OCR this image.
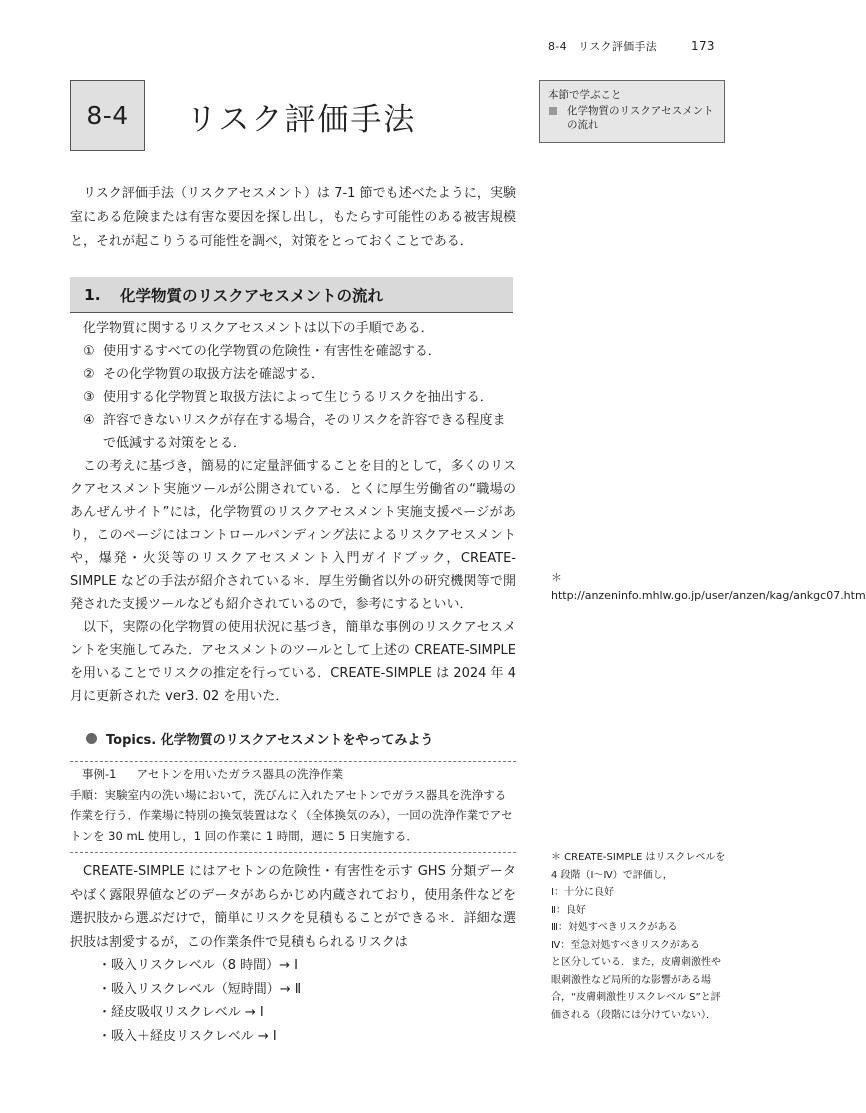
8-4　リスク評価手法	173
8-4 リスク評価手法
本節で学ぶこと
化学物質のリスクアセスメントの流れ

リスク評価手法（リスクアセスメント）は 7-1 節でも述べたように，実験室にある危険または有害な要因を探し出し，もたらす可能性のある被害規模と，それが起こりうる可能性を調べ，対策をとっておくことである．

1.	化学物質のリスクアセスメントの流れ

化学物質に関するリスクアセスメントは以下の手順である．

① 使用するすべての化学物質の危険性・有害性を確認する．
② その化学物質の取扱方法を確認する．
③ 使用する化学物質と取扱方法によって生じうるリスクを抽出する．
④ 許容できないリスクが存在する場合，そのリスクを許容できる程度まで低減する対策をとる．

この考えに基づき，簡易的に定量評価することを目的として，多くのリスクアセスメント実施ツールが公開されている．とくに厚生労働省の“職場のあんぜんサイト”には，化学物質のリスクアセスメント実施支援ページがあり，このページにはコントロールバンディング法によるリスクアセスメントや，爆発・火災等のリスクアセスメント入門ガイドブック，CREATE-SIMPLE などの手法が紹介されている＊．厚生労働省以外の研究機関等で開発された支援ツールなども紹介されているので，参考にするといい．

以下，実際の化学物質の使用状況に基づき，簡単な事例のリスクアセスメントを実施してみた．アセスメントのツールとして上述の CREATE-SIMPLE を用いることでリスクの推定を行っている．CREATE-SIMPLE は 2024 年 4 月に更新された ver3. 02 を用いた．

Topics. 化学物質のリスクアセスメントをやってみよう
事例-1 アセトンを用いたガラス器具の洗浄作業

手順：実験室内の洗い場において，洗びんに入れたアセトンでガラス器具を洗浄する作業を行う．作業場に特別の換気装置はなく（全体換気のみ），一回の洗浄作業でアセトンを 30 mL 使用し，1 回の作業に 1 時間，週に 5 日実施する．

CREATE-SIMPLE にはアセトンの危険性・有害性を示す GHS 分類データやばく露限界値などのデータがあらかじめ内蔵されており，使用条件などを選択肢から選ぶだけで，簡単にリスクを見積もることができる＊．詳細な選択肢は割愛するが，この作業条件で見積もられるリスクは

・吸入リスクレベル（8 時間）→ Ⅰ

・吸入リスクレベル（短時間）→ Ⅱ

・経皮吸収リスクレベル → Ⅰ

・吸入＋経皮リスクレベル → Ⅰ

＊ http://anzeninfo.mhlw.go.jp/user/anzen/kag/ankgc07.htm

＊ CREATE-SIMPLE はリスクレベルを 4 段階（Ⅰ～Ⅳ）で評価し，

Ⅰ：十分に良好

Ⅱ：良好

Ⅲ：対処すべきリスクがある

Ⅳ：至急対処すべきリスクがある

と区分している．また，皮膚刺激性や眼刺激性など局所的な影響がある場合，“皮膚刺激性リスクレベル S”と評価される（段階には分けていない）．
